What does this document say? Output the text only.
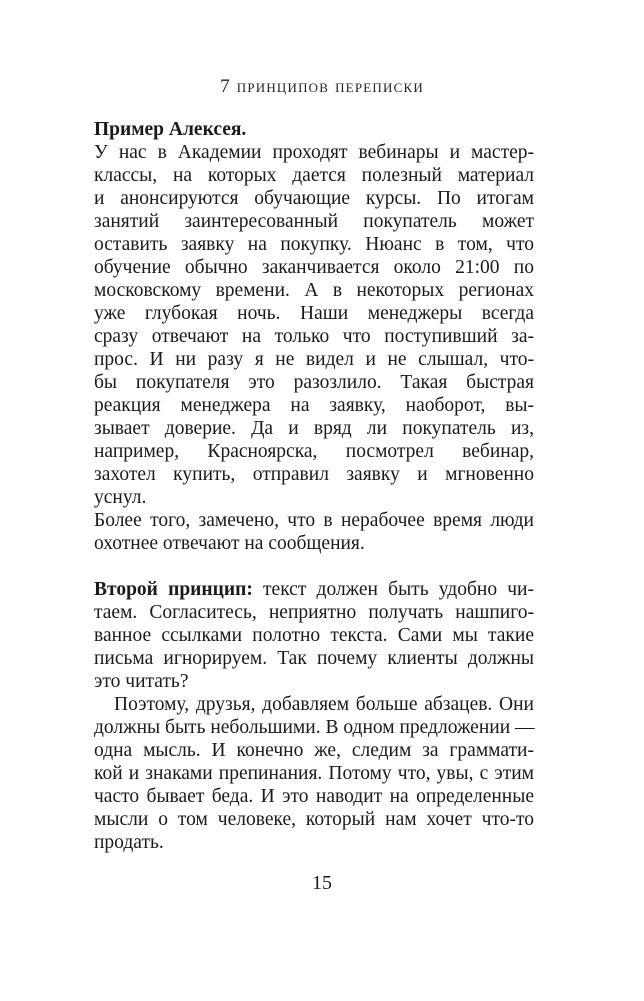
7 принципов переписки
Пример Алексея.
У нас в Академии проходят вебинары и мастер-
классы, на которых дается полезный материал
и анонсируются обучающие курсы. По итогам
занятий заинтересованный покупатель может
оставить заявку на покупку. Нюанс в том, что
обучение обычно заканчивается около 21:00 по
московскому времени. А в некоторых регионах
уже глубокая ночь. Наши менеджеры всегда
сразу отвечают на только что поступивший за-
прос. И ни разу я не видел и не слышал, что-
бы покупателя это разозлило. Такая быстрая
реакция менеджера на заявку, наоборот, вы-
зывает доверие. Да и вряд ли покупатель из,
например, Красноярска, посмотрел вебинар,
захотел купить, отправил заявку и мгновенно
уснул.
Более того, замечено, что в нерабочее время люди
охотнее отвечают на сообщения.
Второй принцип: текст должен быть удобно чи-
таем. Согласитесь, неприятно получать нашпиго-
ванное ссылками полотно текста. Сами мы такие
письма игнорируем. Так почему клиенты должны
это читать?
Поэтому, друзья, добавляем больше абзацев. Они
должны быть небольшими. В одном предложении —
одна мысль. И конечно же, следим за граммати-
кой и знаками препинания. Потому что, увы, с этим
часто бывает беда. И это наводит на определенные
мысли о том человеке, который нам хочет что-то
продать.
15
